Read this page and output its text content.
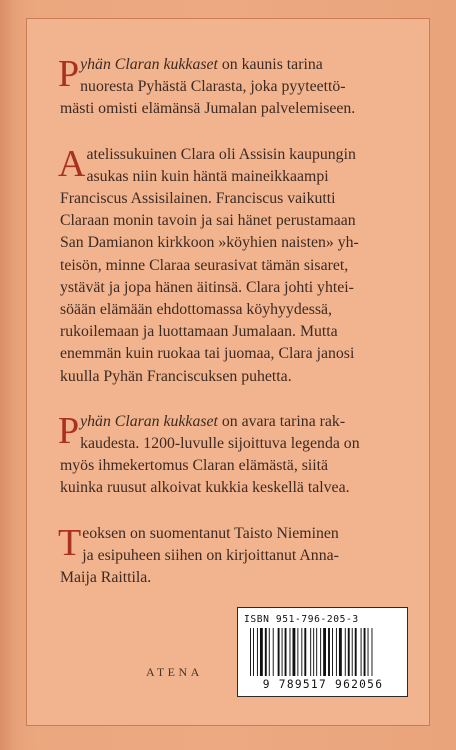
P yhän Claran kukkaset on kaunis tarina
nuoresta Pyhästä Clarasta, joka pyyteettö-
mästi omisti elämänsä Jumalan palvelemiseen.
A atelissukuinen Clara oli Assisin kaupungin
asukas niin kuin häntä maineikkaampi
Franciscus Assisilainen. Franciscus vaikutti
Claraan monin tavoin ja sai hänet perustamaan
San Damianon kirkkoon »köyhien naisten» yh-
teisön, minne Claraa seurasivat tämän sisaret,
ystävät ja jopa hänen äitinsä. Clara johti yhtei-
söään elämään ehdottomassa köyhyydessä,
rukoilemaan ja luottamaan Jumalaan. Mutta
enemmän kuin ruokaa tai juomaa, Clara janosi
kuulla Pyhän Franciscuksen puhetta.
P yhän Claran kukkaset on avara tarina rak-
kaudesta. 1200-luvulle sijoittuva legenda on
myös ihmekertomus Claran elämästä, siitä
kuinka ruusut alkoivat kukkia keskellä talvea.
T eoksen on suomentanut Taisto Nieminen
ja esipuheen siihen on kirjoittanut Anna-
Maija Raittila.
ATENA
ISBN 951-796-205-3
9 789517 962056
